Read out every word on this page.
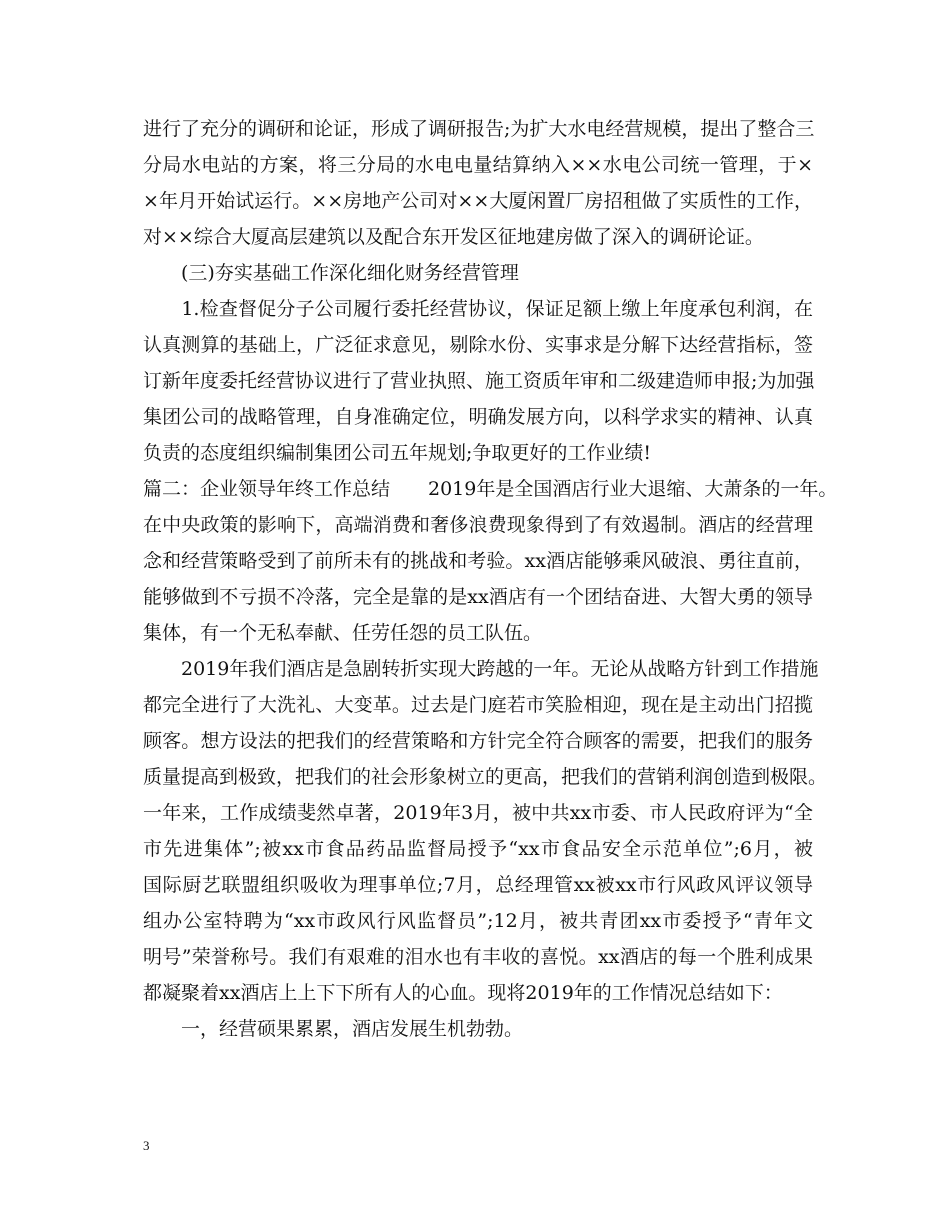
进行了充分的调研和论证，形成了调研报告;为扩大水电经营规模，提出了整合三
分局水电站的方案，将三分局的水电电量结算纳入××水电公司统一管理，于×
×年月开始试运行。××房地产公司对××大厦闲置厂房招租做了实质性的工作，
对××综合大厦高层建筑以及配合东开发区征地建房做了深入的调研论证。
　　(三)夯实基础工作深化细化财务经营管理
　　1.检查督促分子公司履行委托经营协议，保证足额上缴上年度承包利润，在
认真测算的基础上，广泛征求意见，剔除水份、实事求是分解下达经营指标，签
订新年度委托经营协议进行了营业执照、施工资质年审和二级建造师申报;为加强
集团公司的战略管理，自身准确定位，明确发展方向，以科学求实的精神、认真
负责的态度组织编制集团公司五年规划;争取更好的工作业绩!
篇二：企业领导年终工作总结　　2019年是全国酒店行业大退缩、大萧条的一年。
在中央政策的影响下，高端消费和奢侈浪费现象得到了有效遏制。酒店的经营理
念和经营策略受到了前所未有的挑战和考验。xx酒店能够乘风破浪、勇往直前，
能够做到不亏损不冷落，完全是靠的是xx酒店有一个团结奋进、大智大勇的领导
集体，有一个无私奉献、任劳任怨的员工队伍。
　　2019年我们酒店是急剧转折实现大跨越的一年。无论从战略方针到工作措施
都完全进行了大洗礼、大变革。过去是门庭若市笑脸相迎，现在是主动出门招揽
顾客。想方设法的把我们的经营策略和方针完全符合顾客的需要，把我们的服务
质量提高到极致，把我们的社会形象树立的更高，把我们的营销利润创造到极限。
一年来，工作成绩斐然卓著，2019年3月，被中共xx市委、市人民政府评为“全
市先进集体”;被xx市食品药品监督局授予“xx市食品安全示范单位”;6月，被
国际厨艺联盟组织吸收为理事单位;7月，总经理管xx被xx市行风政风评议领导
组办公室特聘为“xx市政风行风监督员”;12月，被共青团xx市委授予“青年文
明号”荣誉称号。我们有艰难的泪水也有丰收的喜悦。xx酒店的每一个胜利成果
都凝聚着xx酒店上上下下所有人的心血。现将2019年的工作情况总结如下：
　　一，经营硕果累累，酒店发展生机勃勃。
3
